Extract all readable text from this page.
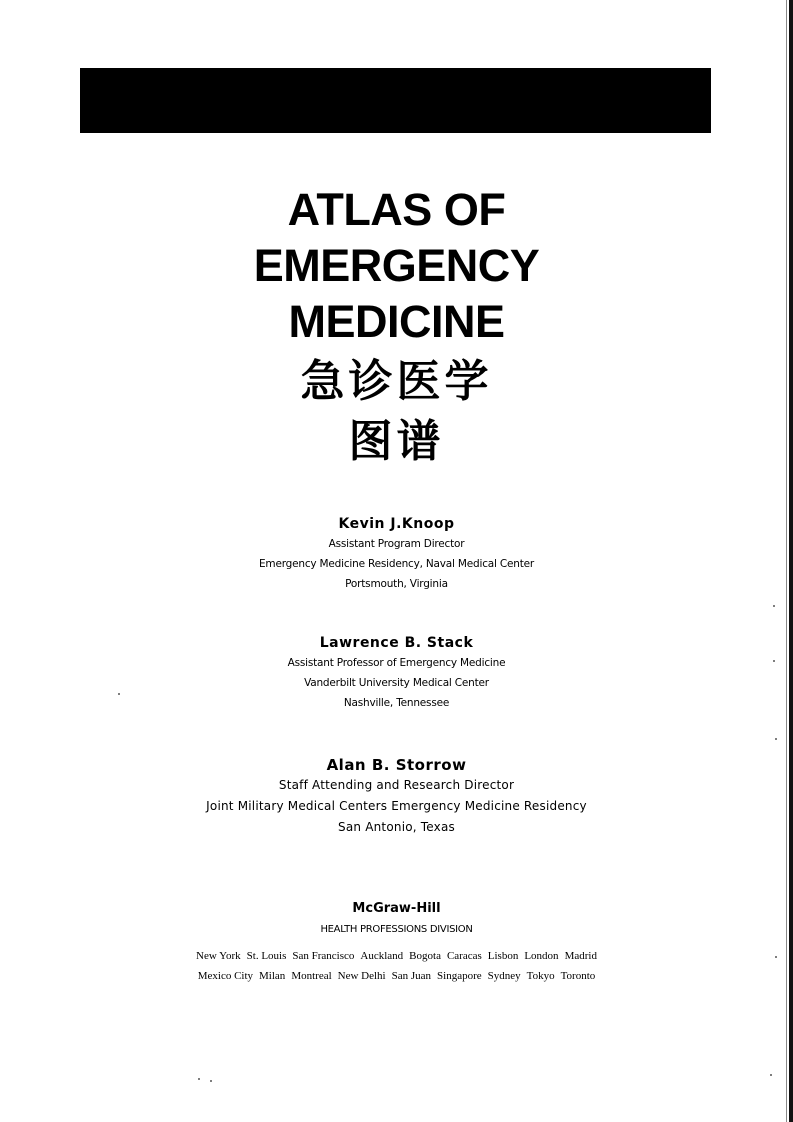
ATLAS OF
EMERGENCY
MEDICINE
急诊医学
图谱
Kevin J.Knoop
Assistant Program Director
Emergency Medicine Residency, Naval Medical Center
Portsmouth, Virginia
Lawrence B. Stack
Assistant Professor of Emergency Medicine
Vanderbilt University Medical Center
Nashville, Tennessee
Alan B. Storrow
Staff Attending and Research Director
Joint Military Medical Centers Emergency Medicine Residency
San Antonio, Texas
McGraw-Hill
HEALTH PROFESSIONS DIVISION
New York St. Louis San Francisco Auckland Bogota Caracas Lisbon London Madrid
Mexico City Milan Montreal New Delhi San Juan Singapore Sydney Tokyo Toronto
